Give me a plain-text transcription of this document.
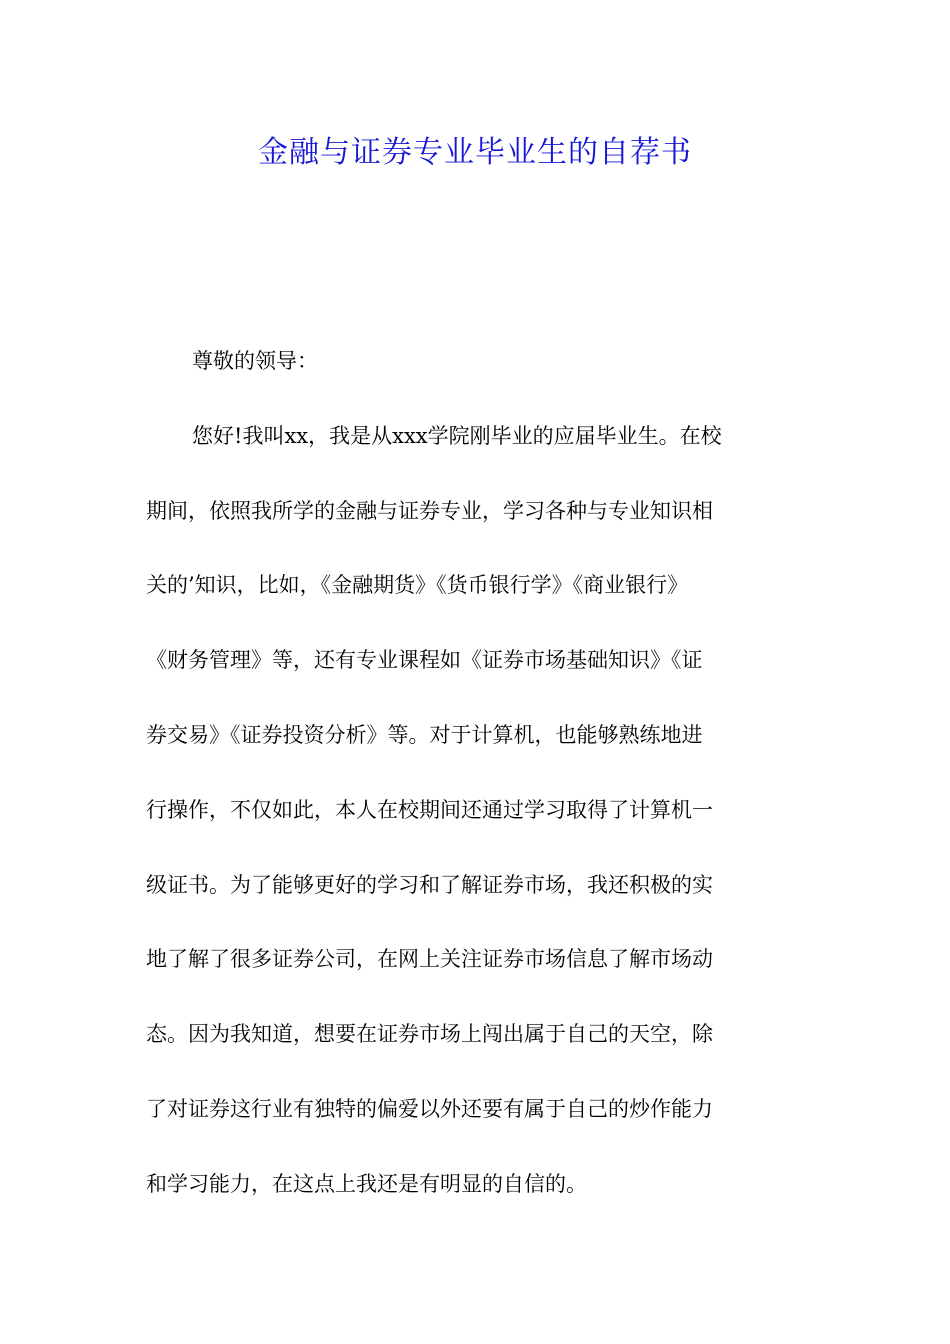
金融与证券专业毕业生的自荐书
尊敬的领导：
您好!我叫xx，我是从xxx学院刚毕业的应届毕业生。在校
期间，依照我所学的金融与证券专业，学习各种与专业知识相
关的’知识，比如，《金融期货》《货币银行学》《商业银行》
《财务管理》等，还有专业课程如《证券市场基础知识》《证
券交易》《证券投资分析》等。对于计算机，也能够熟练地进
行操作，不仅如此，本人在校期间还通过学习取得了计算机一
级证书。为了能够更好的学习和了解证券市场，我还积极的实
地了解了很多证券公司，在网上关注证券市场信息了解市场动
态。因为我知道，想要在证券市场上闯出属于自己的天空，除
了对证券这行业有独特的偏爱以外还要有属于自己的炒作能力
和学习能力，在这点上我还是有明显的自信的。
